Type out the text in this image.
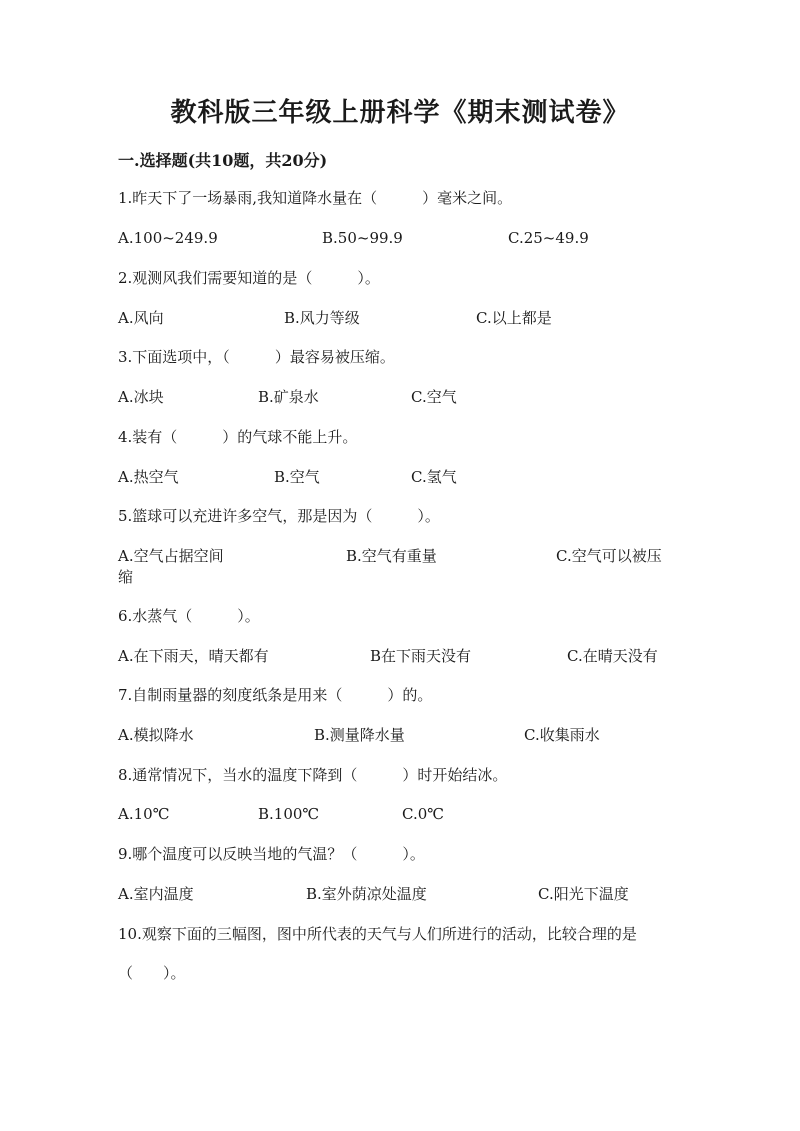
教科版三年级上册科学《期末测试卷》
一.选择题(共10题，共20分)
1.昨天下了一场暴雨,我知道降水量在（　　　）毫米之间。
A.100~249.9	B.50~99.9	C.25~49.9
2.观测风我们需要知道的是（　　　）。
A.风向	B.风力等级	C.以上都是
3.下面选项中，（　　　）最容易被压缩。
A.冰块	B.矿泉水	C.空气
4.装有（　　　）的气球不能上升。
A.热空气	B.空气	C.氢气
5.篮球可以充进许多空气，那是因为（　　　）。
A.空气占据空间	B.空气有重量	C.空气可以被压
缩
6.水蒸气（　　　）。
A.在下雨天，晴天都有	B在下雨天没有	C.在晴天没有
7.自制雨量器的刻度纸条是用来（　　　）的。
A.模拟降水	B.测量降水量	C.收集雨水
8.通常情况下，当水的温度下降到（　　　）时开始结冰。
A.10℃	B.100℃	C.0℃
9.哪个温度可以反映当地的气温？（　　　）。
A.室内温度	B.室外荫凉处温度	C.阳光下温度
10.观察下面的三幅图，图中所代表的天气与人们所进行的活动，比较合理的是
（　　）。
